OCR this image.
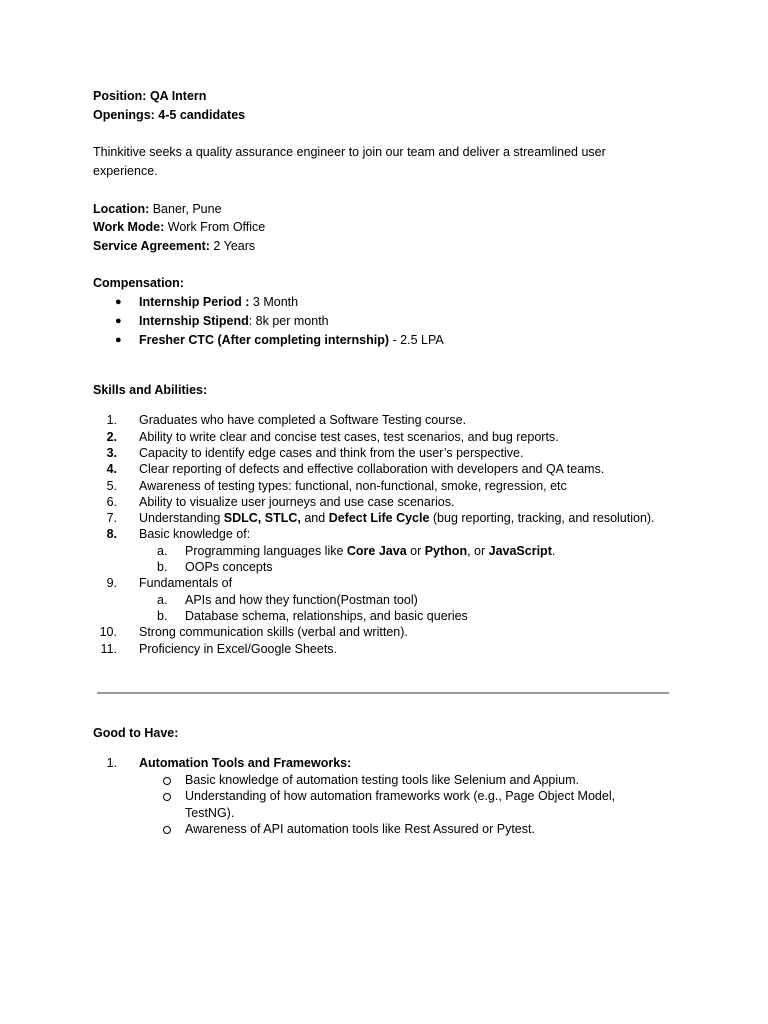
Position: QA Intern
Openings: 4-5 candidates
Thinkitive seeks a quality assurance engineer to join our team and deliver a streamlined user
experience.
Location: Baner, Pune
Work Mode: Work From Office
Service Agreement: 2 Years
Compensation:
● Internship Period : 3 Month
● Internship Stipend: 8k per month
● Fresher CTC (After completing internship) - 2.5 LPA
Skills and Abilities:
1. Graduates who have completed a Software Testing course.
2. Ability to write clear and concise test cases, test scenarios, and bug reports.
3. Capacity to identify edge cases and think from the user’s perspective.
4. Clear reporting of defects and effective collaboration with developers and QA teams.
5. Awareness of testing types: functional, non-functional, smoke, regression, etc
6. Ability to visualize user journeys and use case scenarios.
7. Understanding SDLC, STLC, and Defect Life Cycle (bug reporting, tracking, and resolution).
8. Basic knowledge of:
a.	Programming languages like Core Java or Python, or JavaScript.
b.	OOPs concepts
9. Fundamentals of
a.	APIs and how they function(Postman tool)
b.	Database schema, relationships, and basic queries
10. Strong communication skills (verbal and written).
11. Proficiency in Excel/Google Sheets.
Good to Have:
1. Automation Tools and Frameworks:
Basic knowledge of automation testing tools like Selenium and Appium.
Understanding of how automation frameworks work (e.g., Page Object Model,
TestNG).
Awareness of API automation tools like Rest Assured or Pytest.
